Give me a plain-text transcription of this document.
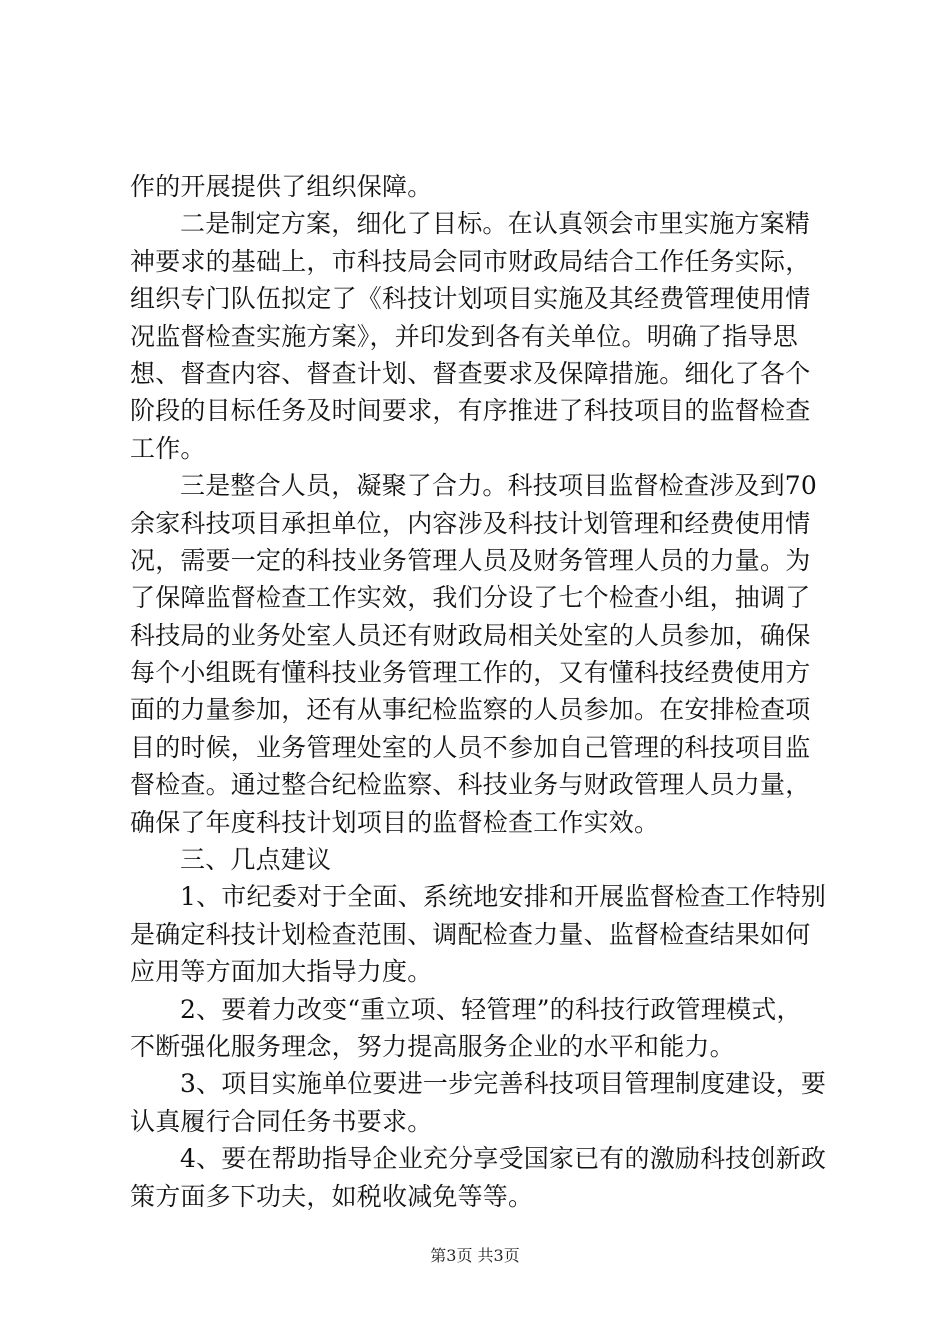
作的开展提供了组织保障。
二是制定方案，细化了目标。在认真领会市里实施方案精
神要求的基础上，市科技局会同市财政局结合工作任务实际，
组织专门队伍拟定了《科技计划项目实施及其经费管理使用情
况监督检查实施方案》，并印发到各有关单位。明确了指导思
想、督查内容、督查计划、督查要求及保障措施。细化了各个
阶段的目标任务及时间要求，有序推进了科技项目的监督检查
工作。
三是整合人员，凝聚了合力。科技项目监督检查涉及到70
余家科技项目承担单位，内容涉及科技计划管理和经费使用情
况，需要一定的科技业务管理人员及财务管理人员的力量。为
了保障监督检查工作实效，我们分设了七个检查小组，抽调了
科技局的业务处室人员还有财政局相关处室的人员参加，确保
每个小组既有懂科技业务管理工作的，又有懂科技经费使用方
面的力量参加，还有从事纪检监察的人员参加。在安排检查项
目的时候，业务管理处室的人员不参加自己管理的科技项目监
督检查。通过整合纪检监察、科技业务与财政管理人员力量，
确保了年度科技计划项目的监督检查工作实效。
三、几点建议
1、市纪委对于全面、系统地安排和开展监督检查工作特别
是确定科技计划检查范围、调配检查力量、监督检查结果如何
应用等方面加大指导力度。
2、要着力改变“重立项、轻管理”的科技行政管理模式，
不断强化服务理念，努力提高服务企业的水平和能力。
3、项目实施单位要进一步完善科技项目管理制度建设，要
认真履行合同任务书要求。
4、要在帮助指导企业充分享受国家已有的激励科技创新政
策方面多下功夫，如税收减免等等。
第3页 共3页
